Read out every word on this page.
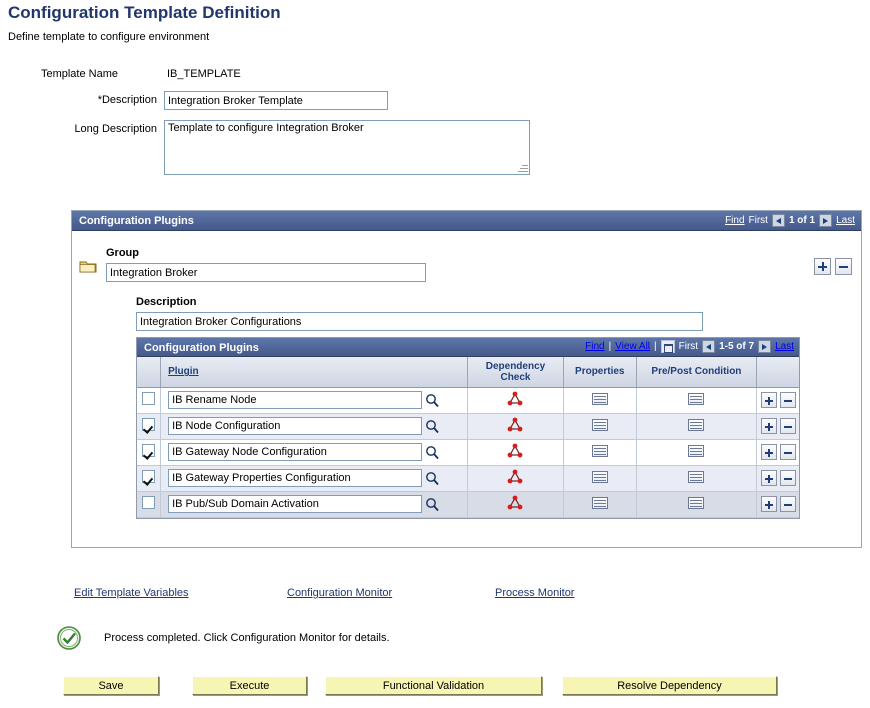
Configuration Template Definition
Define template to configure environment
Template Name	IB_TEMPLATE
*Description
Integration Broker Template
Long Description
Template to configure Integration Broker
Configuration Plugins	Find First 1 of 1 Last
Group
Integration Broker
Description
Integration Broker Configurations
Configuration Plugins	Find | View All | First 1-5 of 7 Last
	Plugin	Dependency Check	Properties	Pre/Post Condition	

IB Rename Node

IB Node Configuration

IB Gateway Node Configuration

IB Gateway Properties Configuration

IB Pub/Sub Domain Activation

Edit Template Variables	Configuration Monitor	Process Monitor
Process completed. Click Configuration Monitor for details.
Save	Execute	Functional Validation	Resolve Dependency
